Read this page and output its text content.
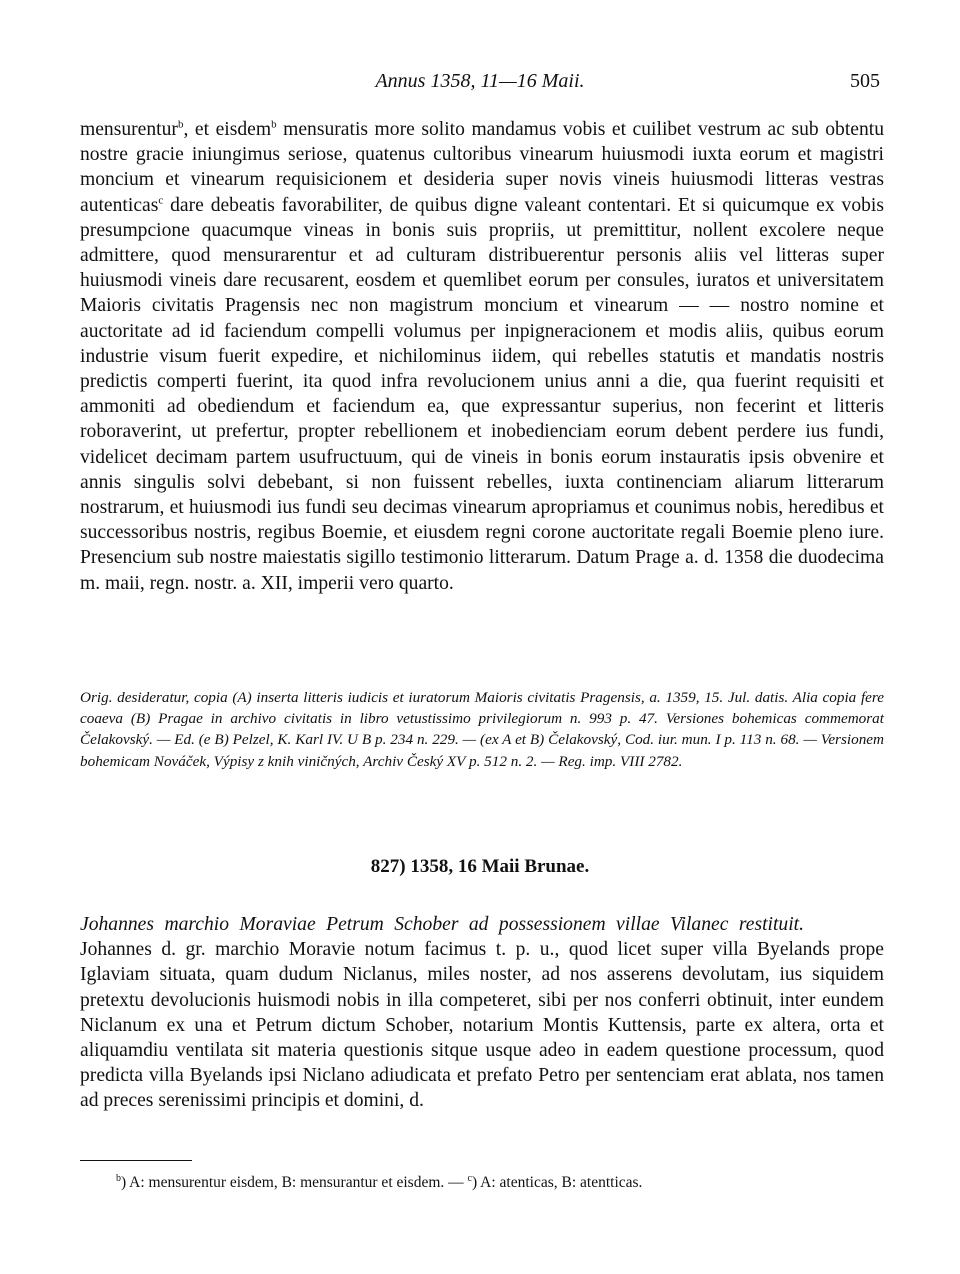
Annus 1358, 11—16 Maii.	505

mensurentur$^b$, et eisdem$^b$ mensuratis more solito mandamus vobis et cuilibet vestrum ac sub obtentu nostre gracie iniungimus seriose, quatenus cultoribus vinearum huiusmodi iuxta eorum et magistri moncium et vinearum requisicionem et desideria super novis vineis huiusmodi litteras vestras autenticas$^c$ dare debeatis favorabiliter, de quibus digne valeant contentari. Et si quicumque ex vobis presumpcione quacumque vineas in bonis suis propriis, ut premittitur, nollent excolere neque admittere, quod mensurarentur et ad culturam distribuerentur personis aliis vel litteras super huiusmodi vineis dare recusarent, eosdem et quemlibet eorum per consules, iuratos et universitatem Maioris civitatis Pragensis nec non magistrum moncium et vinearum — — nostro nomine et auctoritate ad id faciendum compelli volumus per inpigneracionem et modis aliis, quibus eorum industrie visum fuerit expedire, et nichilominus iidem, qui rebelles statutis et mandatis nostris predictis comperti fuerint, ita quod infra revolucionem unius anni a die, qua fuerint requisiti et ammoniti ad obediendum et faciendum ea, que expressantur superius, non fecerint et litteris roboraverint, ut prefertur, propter rebellionem et inobedienciam eorum debent perdere ius fundi, videlicet decimam partem usufructuum, qui de vineis in bonis eorum instauratis ipsis obvenire et annis singulis solvi debebant, si non fuissent rebelles, iuxta continenciam aliarum litterarum nostrarum, et huiusmodi ius fundi seu decimas vinearum apropriamus et counimus nobis, heredibus et successoribus nostris, regibus Boemie, et eiusdem regni corone auctoritate regali Boemie pleno iure. Presencium sub nostre maiestatis sigillo testimonio litterarum. Datum Prage a. d. 1358 die duodecima m. maii, regn. nostr. a. XII, imperii vero quarto.

Orig. desideratur, copia (A) inserta litteris iudicis et iuratorum Maioris civitatis Pragensis, a. 1359, 15. Jul. datis. Alia copia fere coaeva (B) Pragae in archivo civitatis in libro vetustissimo privilegiorum n. 993 p. 47. Versiones bohemicas commemorat Čelakovský. — Ed. (e B) Pelzel, K. Karl IV. U B p. 234 n. 229. — (ex A et B) Čelakovský, Cod. iur. mun. I p. 113 n. 68. — Versionem bohemicam Nováček, Výpisy z knih viničných, Archiv Český XV p. 512 n. 2. — Reg. imp. VIII 2782.

827) 1358, 16 Maii Brunae.

Johannes marchio Moraviae Petrum Schober ad possessionem villae Vilanec restituit.Johannes d. gr. marchio Moravie notum facimus t. p. u., quod licet super villa Byelands prope Iglaviam situata, quam dudum Niclanus, miles noster, ad nos asserens devolutam, ius siquidem pretextu devolucionis huismodi nobis in illa competeret, sibi per nos conferri obtinuit, inter eundem Niclanum ex una et Petrum dictum Schober, notarium Montis Kuttensis, parte ex altera, orta et aliquamdiu ventilata sit materia questionis sitque usque adeo in eadem questione processum, quod predicta villa Byelands ipsi Niclano adiudicata et prefato Petro per sentenciam erat ablata, nos tamen ad preces serenissimi principis et domini, d.

$^b$) A: mensurentur eisdem, B: mensurantur et eisdem. — $^c$) A: atenticas, B: atentticas.
